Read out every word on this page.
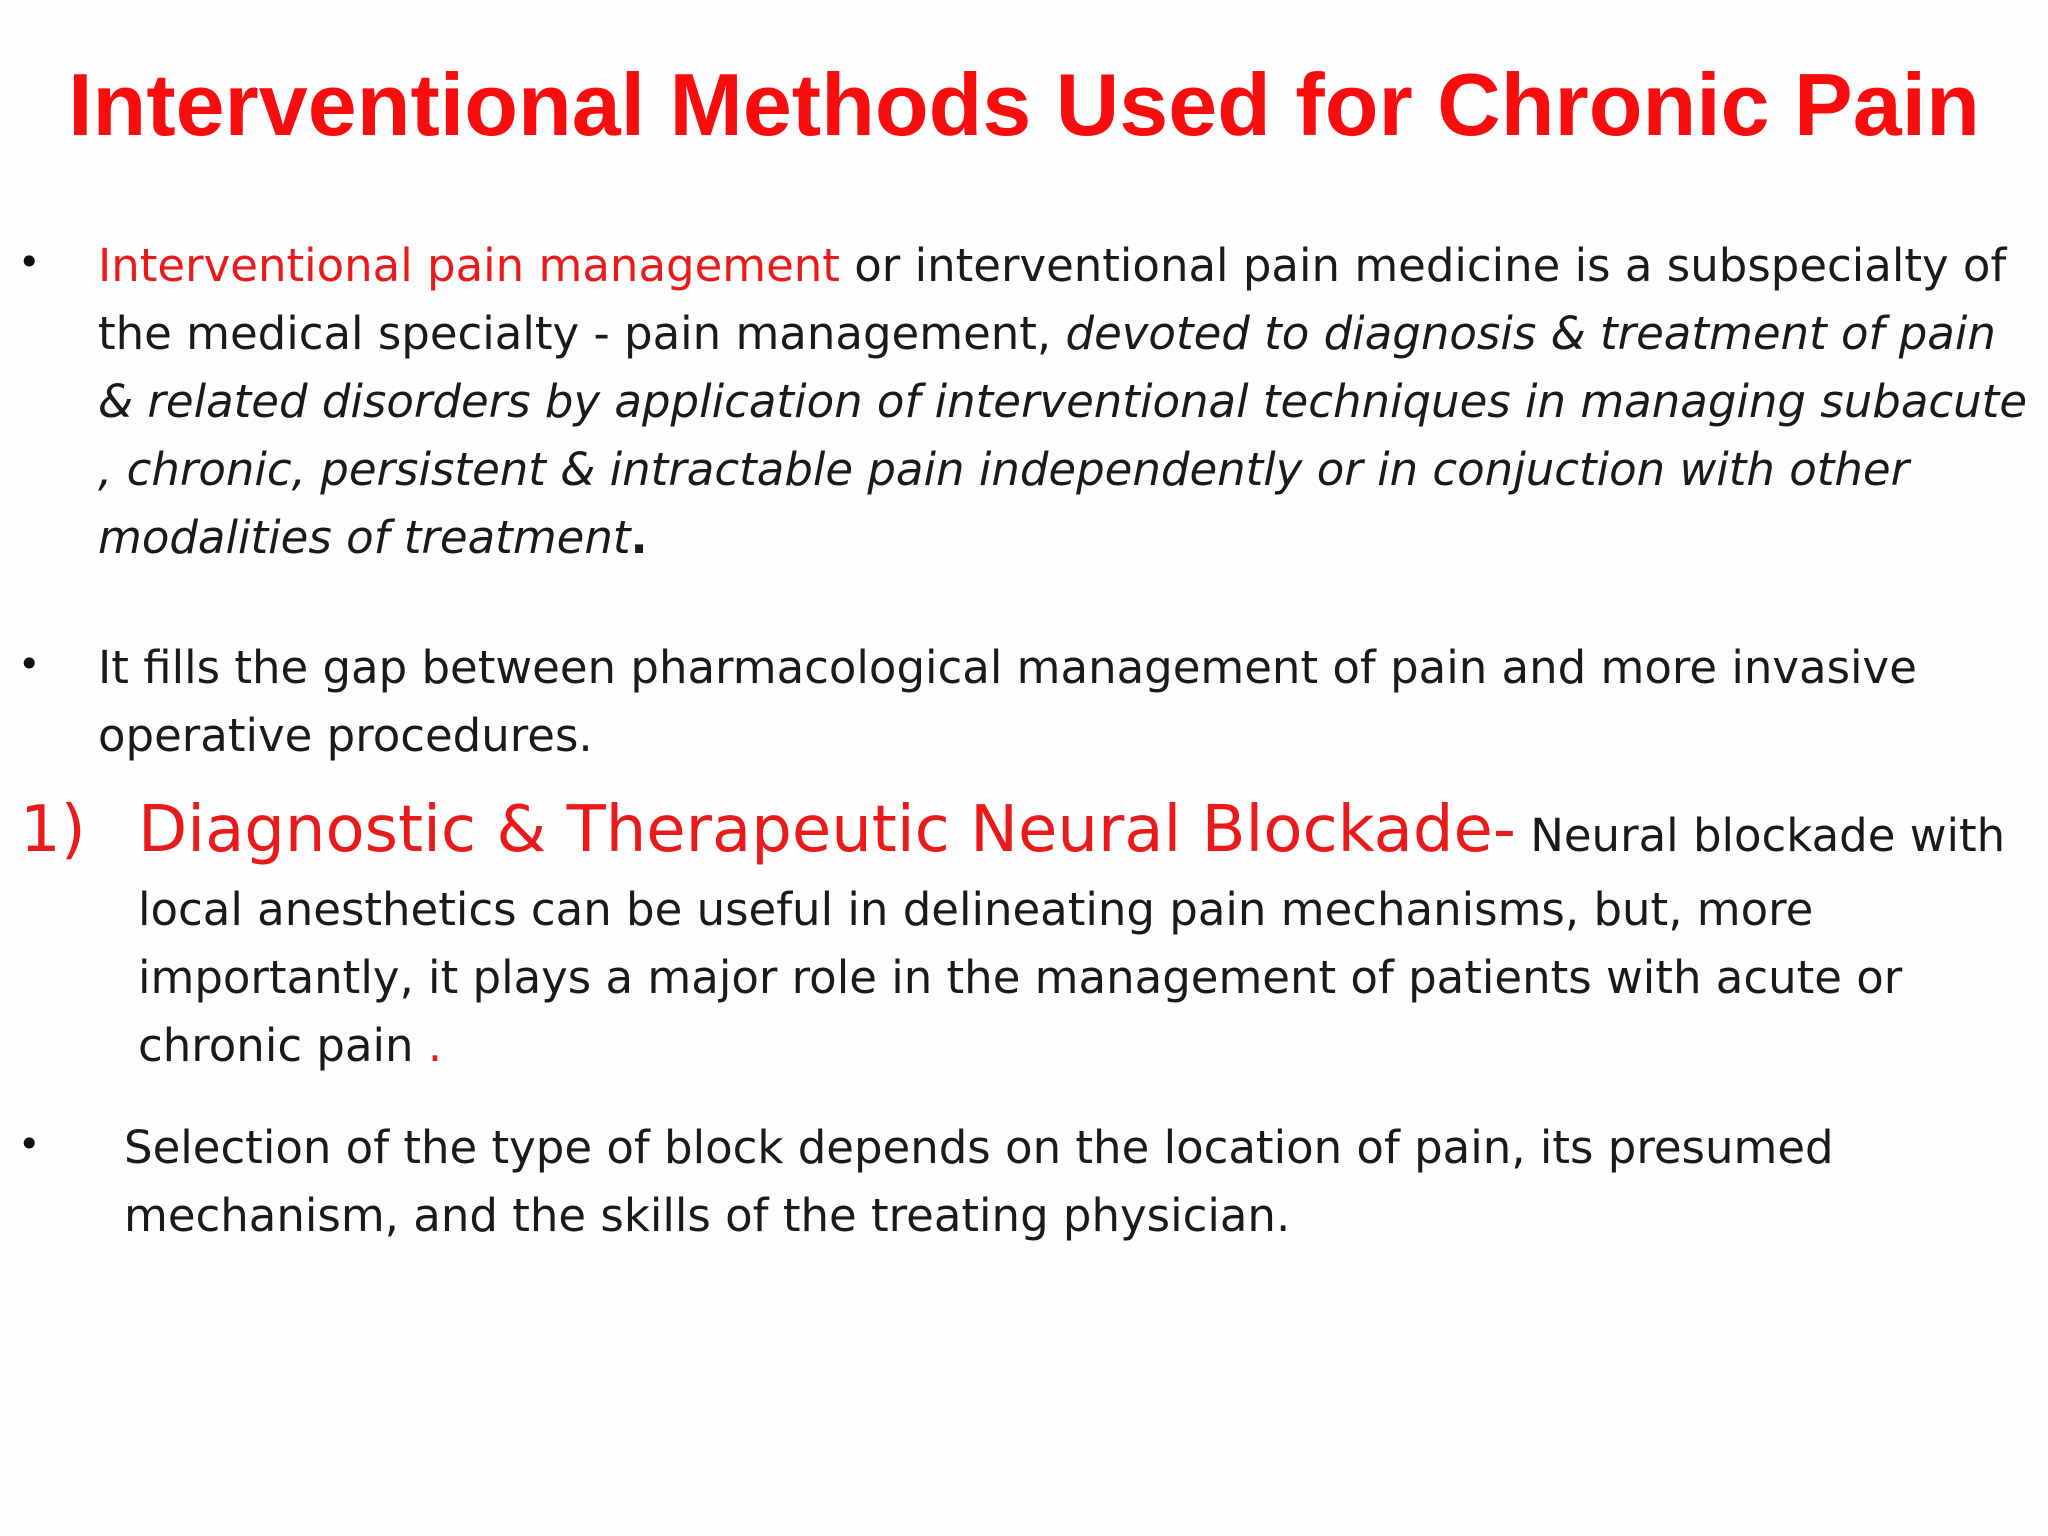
Interventional Methods Used for Chronic Pain
•	Interventional pain management or interventional pain medicine is a subspecialty of the medical specialty - pain management, devoted to diagnosis & treatment of pain & related disorders by application of interventional techniques in managing subacute , chronic, persistent & intractable pain independently or in conjuction with other modalities of treatment.
•	It fills the gap between pharmacological management of pain and more invasive operative procedures.
1) Diagnostic & Therapeutic Neural Blockade- Neural blockade with
local anesthetics can be useful in delineating pain mechanisms, but, more importantly, it plays a major role in the management of patients with acute or chronic pain .
•	Selection of the type of block depends on the location of pain, its presumed mechanism, and the skills of the treating physician.
